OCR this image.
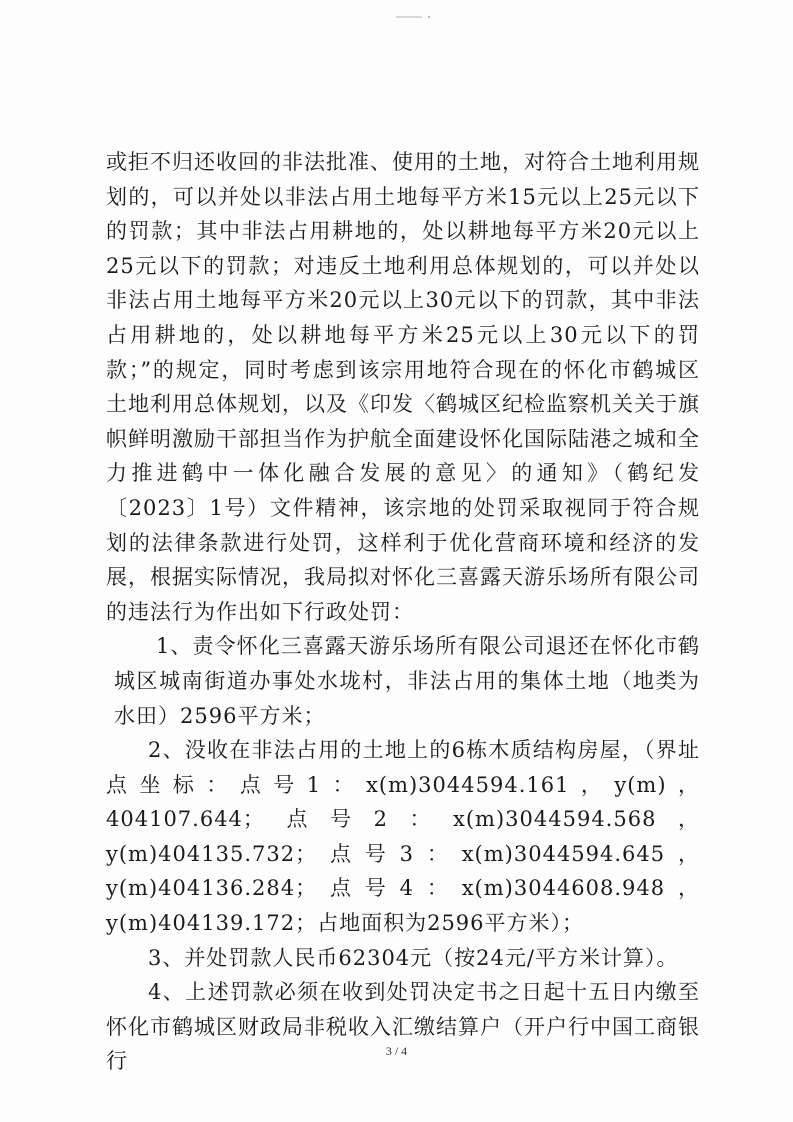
或拒不归还收回的非法批准、使用的土地，对符合土地利用规划的，可以并处以非法占用土地每平方米15元以上25元以下的罚款；其中非法占用耕地的，处以耕地每平方米20元以上25元以下的罚款；对违反土地利用总体规划的，可以并处以非法占用土地每平方米20元以上30元以下的罚款，其中非法占用耕地的，处以耕地每平方米25元以上30元以下的罚款；”的规定，同时考虑到该宗用地符合现在的怀化市鹤城区土地利用总体规划，以及《印发〈鹤城区纪检监察机关关于旗帜鲜明激励干部担当作为护航全面建设怀化国际陆港之城和全力推进鹤中一体化融合发展的意见〉的通知》（鹤纪发〔2023〕1号）文件精神，该宗地的处罚采取视同于符合规划的法律条款进行处罚，这样利于优化营商环境和经济的发展，根据实际情况，我局拟对怀化三喜露天游乐场所有限公司的违法行为作出如下行政处罚：

1、责令怀化三喜露天游乐场所有限公司退还在怀化市鹤城区城南街道办事处水垅村，非法占用的集体土地（地类为水田）2596平方米；

2、没收在非法占用的土地上的6栋木质结构房屋，（界址点坐标：点号1：x(m)3044594.161，y(m)，404107.644；点号2：x(m)3044594.568，y(m)404135.732；点号3：x(m)3044594.645，y(m)404136.284；点号4：x(m)3044608.948，y(m)404139.172；占地面积为2596平方米）；

3、并处罚款人民币62304元（按24元/平方米计算）。

4、上述罚款必须在收到处罚决定书之日起十五日内缴至怀化市鹤城区财政局非税收入汇缴结算户（开户行中国工商银行	3 / 4
